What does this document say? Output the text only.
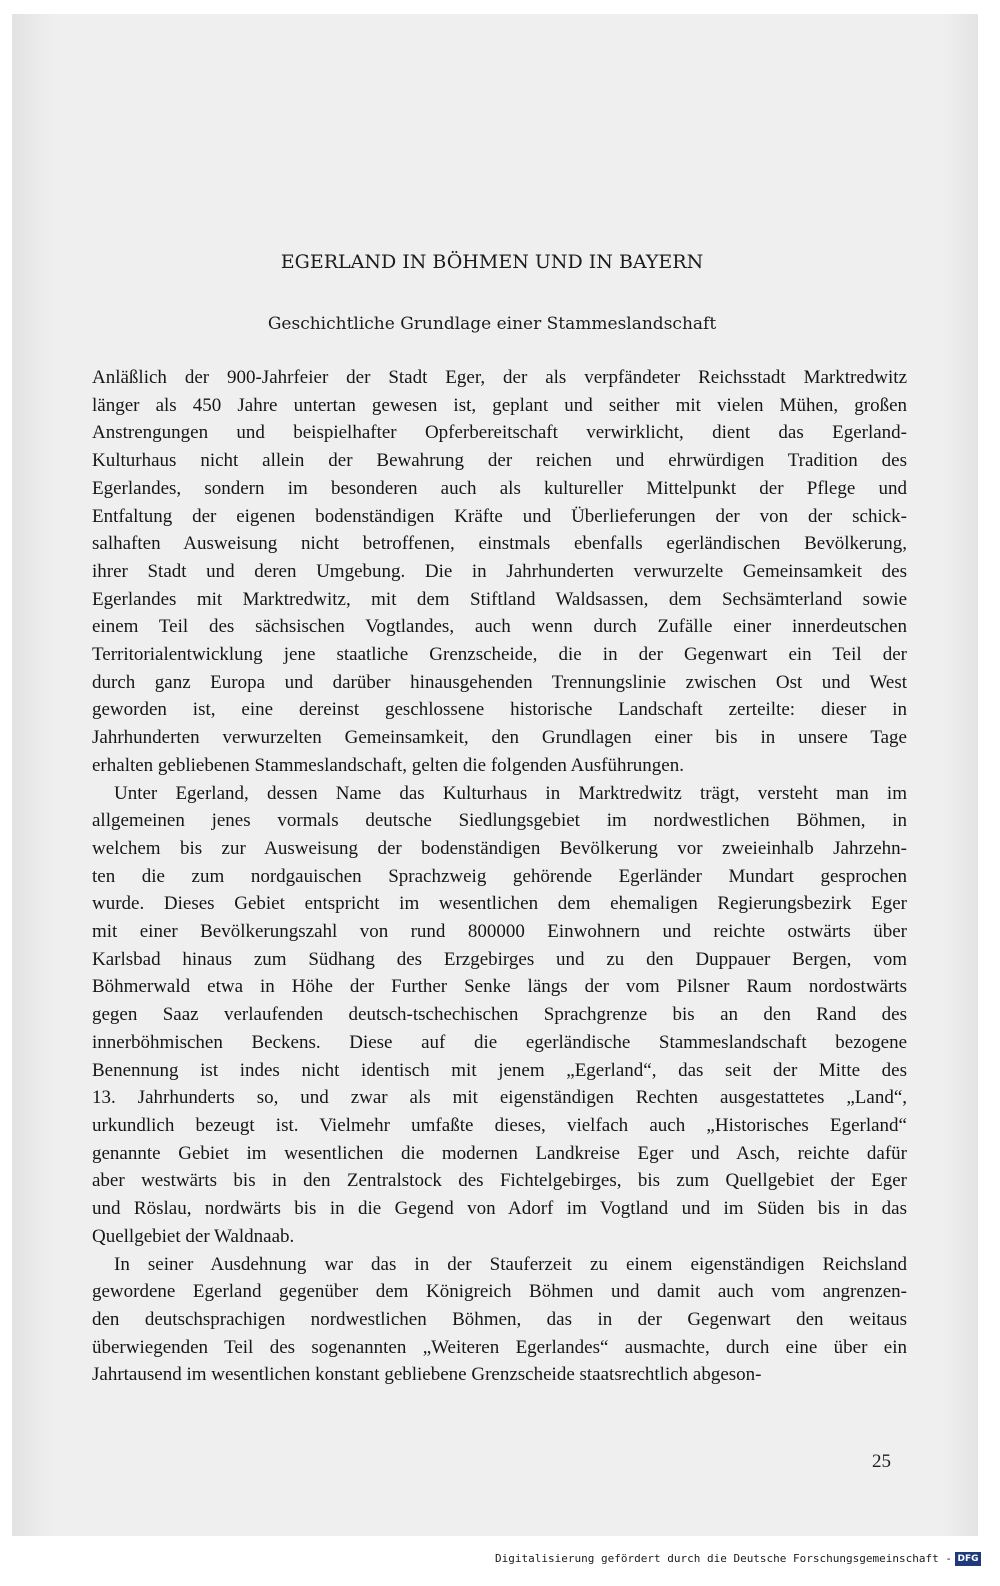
EGERLAND IN BÖHMEN UND IN BAYERN
Geschichtliche Grundlage einer Stammeslandschaft
Anläßlich der 900-Jahrfeier der Stadt Eger, der als verpfändeter Reichsstadt Marktredwitz
länger als 450 Jahre untertan gewesen ist, geplant und seither mit vielen Mühen, großen
Anstrengungen und beispielhafter Opferbereitschaft verwirklicht, dient das Egerland-
Kulturhaus nicht allein der Bewahrung der reichen und ehrwürdigen Tradition des
Egerlandes, sondern im besonderen auch als kultureller Mittelpunkt der Pflege und
Entfaltung der eigenen bodenständigen Kräfte und Überlieferungen der von der schick-
salhaften Ausweisung nicht betroffenen, einstmals ebenfalls egerländischen Bevölkerung,
ihrer Stadt und deren Umgebung. Die in Jahrhunderten verwurzelte Gemeinsamkeit des
Egerlandes mit Marktredwitz, mit dem Stiftland Waldsassen, dem Sechsämterland sowie
einem Teil des sächsischen Vogtlandes, auch wenn durch Zufälle einer innerdeutschen
Territorialentwicklung jene staatliche Grenzscheide, die in der Gegenwart ein Teil der
durch ganz Europa und darüber hinausgehenden Trennungslinie zwischen Ost und West
geworden ist, eine dereinst geschlossene historische Landschaft zerteilte: dieser in
Jahrhunderten verwurzelten Gemeinsamkeit, den Grundlagen einer bis in unsere Tage
erhalten gebliebenen Stammeslandschaft, gelten die folgenden Ausführungen.
Unter Egerland, dessen Name das Kulturhaus in Marktredwitz trägt, versteht man im
allgemeinen jenes vormals deutsche Siedlungsgebiet im nordwestlichen Böhmen, in
welchem bis zur Ausweisung der bodenständigen Bevölkerung vor zweieinhalb Jahrzehn-
ten die zum nordgauischen Sprachzweig gehörende Egerländer Mundart gesprochen
wurde. Dieses Gebiet entspricht im wesentlichen dem ehemaligen Regierungsbezirk Eger
mit einer Bevölkerungszahl von rund 800000 Einwohnern und reichte ostwärts über
Karlsbad hinaus zum Südhang des Erzgebirges und zu den Duppauer Bergen, vom
Böhmerwald etwa in Höhe der Further Senke längs der vom Pilsner Raum nordostwärts
gegen Saaz verlaufenden deutsch-tschechischen Sprachgrenze bis an den Rand des
innerböhmischen Beckens. Diese auf die egerländische Stammeslandschaft bezogene
Benennung ist indes nicht identisch mit jenem „Egerland“, das seit der Mitte des
13. Jahrhunderts so, und zwar als mit eigenständigen Rechten ausgestattetes „Land“,
urkundlich bezeugt ist. Vielmehr umfaßte dieses, vielfach auch „Historisches Egerland“
genannte Gebiet im wesentlichen die modernen Landkreise Eger und Asch, reichte dafür
aber westwärts bis in den Zentralstock des Fichtelgebirges, bis zum Quellgebiet der Eger
und Röslau, nordwärts bis in die Gegend von Adorf im Vogtland und im Süden bis in das
Quellgebiet der Waldnaab.
In seiner Ausdehnung war das in der Stauferzeit zu einem eigenständigen Reichsland
gewordene Egerland gegenüber dem Königreich Böhmen und damit auch vom angrenzen-
den deutschsprachigen nordwestlichen Böhmen, das in der Gegenwart den weitaus
überwiegenden Teil des sogenannten „Weiteren Egerlandes“ ausmachte, durch eine über ein
Jahrtausend im wesentlichen konstant gebliebene Grenzscheide staatsrechtlich abgeson-
25
Digitalisierung gefördert durch die Deutsche Forschungsgemeinschaft - DFG
